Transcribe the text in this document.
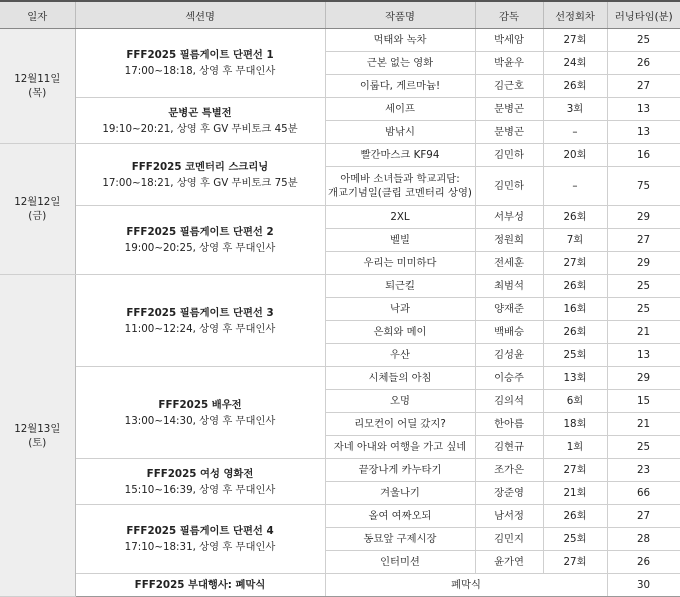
일자	섹션명	작품명	감독	선정회차	러닝타임(분)

12월11일
(목)	FFF2025 필름게이트 단편선 1
17:00~18:18, 상영 후 무대인사	먹태와 녹차	박세암	27회	25

		근본 없는 영화	박윤우	24회	26

		이룹다, 게르마늄!	김근호	26회	27

	문병곤 특별전
19:10~20:21, 상영 후 GV 무비토크 45분	세이프	문병곤	3회	13

		밤낚시	문병곤	–	13

12월12일
(금)	FFF2025 코멘터리 스크리닝
17:00~18:21, 상영 후 GV 무비토크 75분	빨간마스크 KF94	김민하	20회	16

		아메바 소녀들과 학교괴담:
개교기념일(클립 코멘터리 상영)	김민하	–	75

	FFF2025 필름게이트 단편선 2
19:00~20:25, 상영 후 무대인사	2XL	서부성	26회	29

		벨빌	정원희	7회	27

		우리는 미미하다	전세훈	27회	29

12월13일
(토)	FFF2025 필름게이트 단편선 3
11:00~12:24, 상영 후 무대인사	퇴근킬	최범석	26회	25

		낙과	양재준	16회	25

		은희와 메이	백배승	26회	21

		우산	김성윤	25회	13

	FFF2025 배우전
13:00~14:30, 상영 후 무대인사	시체들의 아침	이승주	13회	29

		오멍	김의석	6회	15

		리모컨이 어딜 갔지?	한아름	18회	21

		자네 아내와 여행을 가고 싶네	김현규	1회	25

	FFF2025 여성 영화전
15:10~16:39, 상영 후 무대인사	끝장나게 카누타기	조가은	27회	23

		겨울나기	장준영	21회	66

	FFF2025 필름게이트 단편선 4
17:10~18:31, 상영 후 무대인사	올여 여짜오되	남서정	26회	27

		동묘앞 구제시장	김민지	25회	28

		인터미션	윤가연	27회	26

	FFF2025 부대행사: 폐막식	폐막식			30
